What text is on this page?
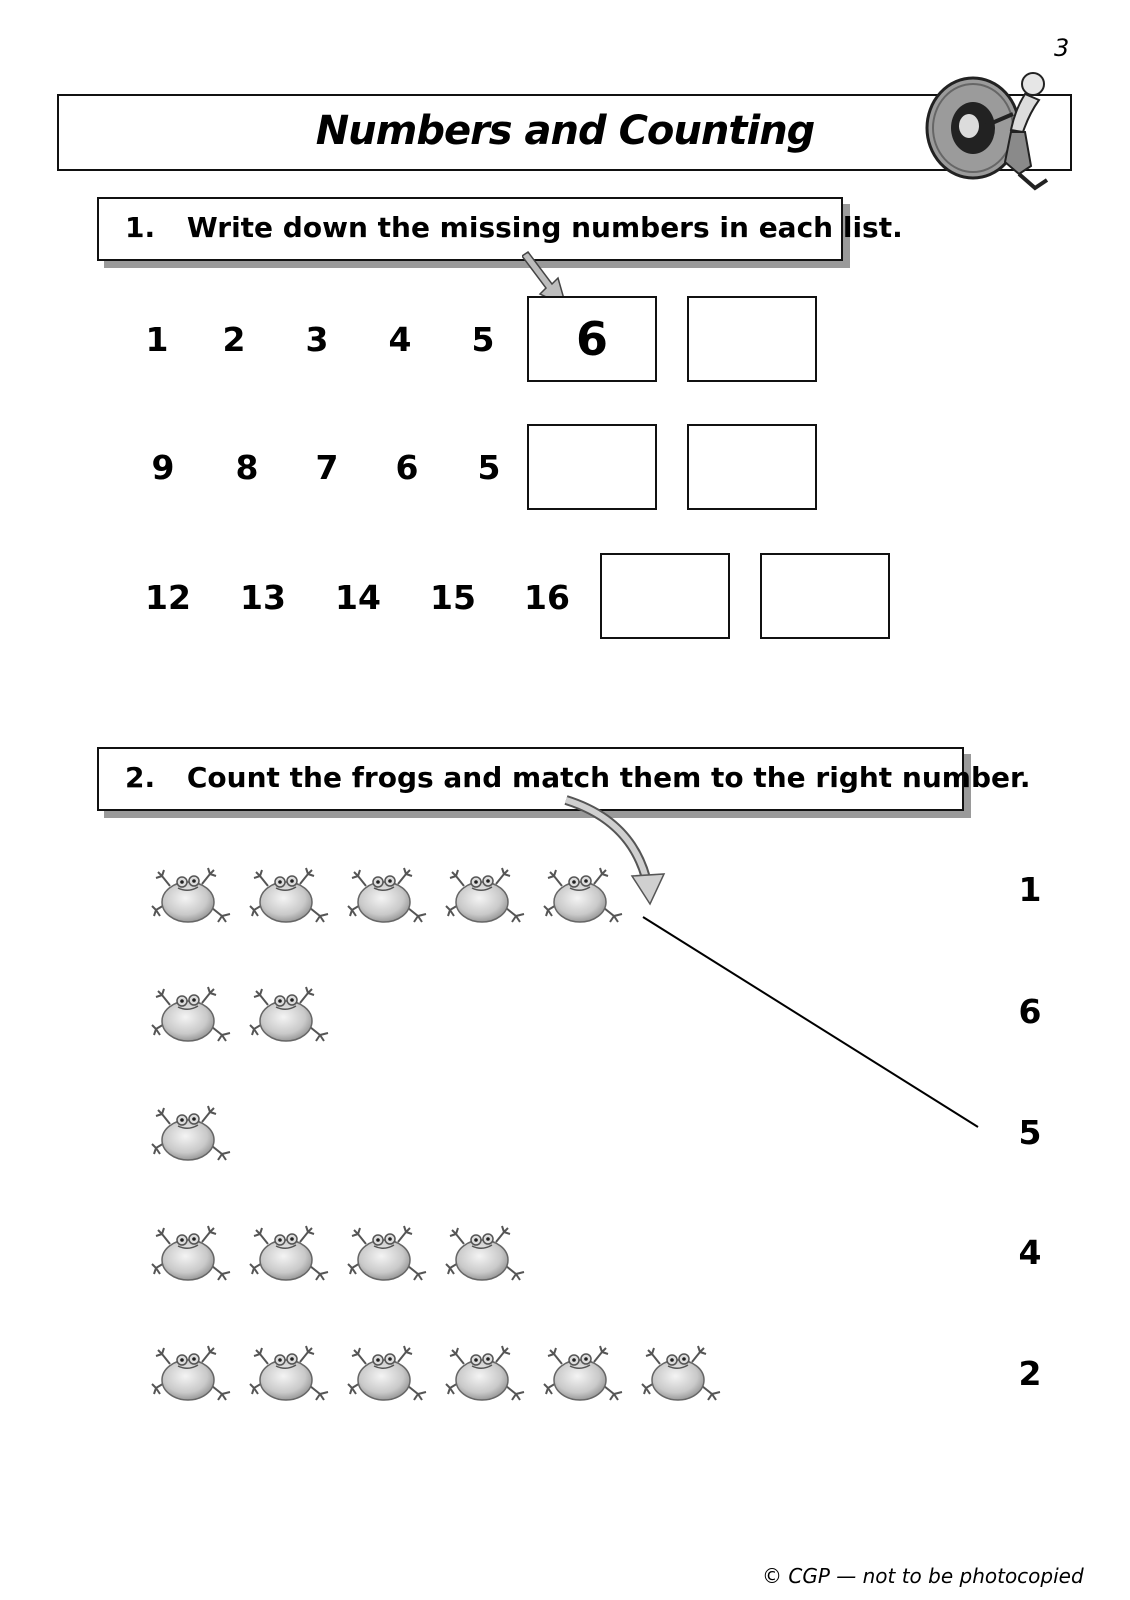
3
Numbers and Counting
1. Write down the missing numbers in each list.
1	2	3	4	5	6
9	8	7	6	5
12	13	14	15	16
2. Count the frogs and match them to the right number.
1
6
5
4
2
© CGP — not to be photocopied
